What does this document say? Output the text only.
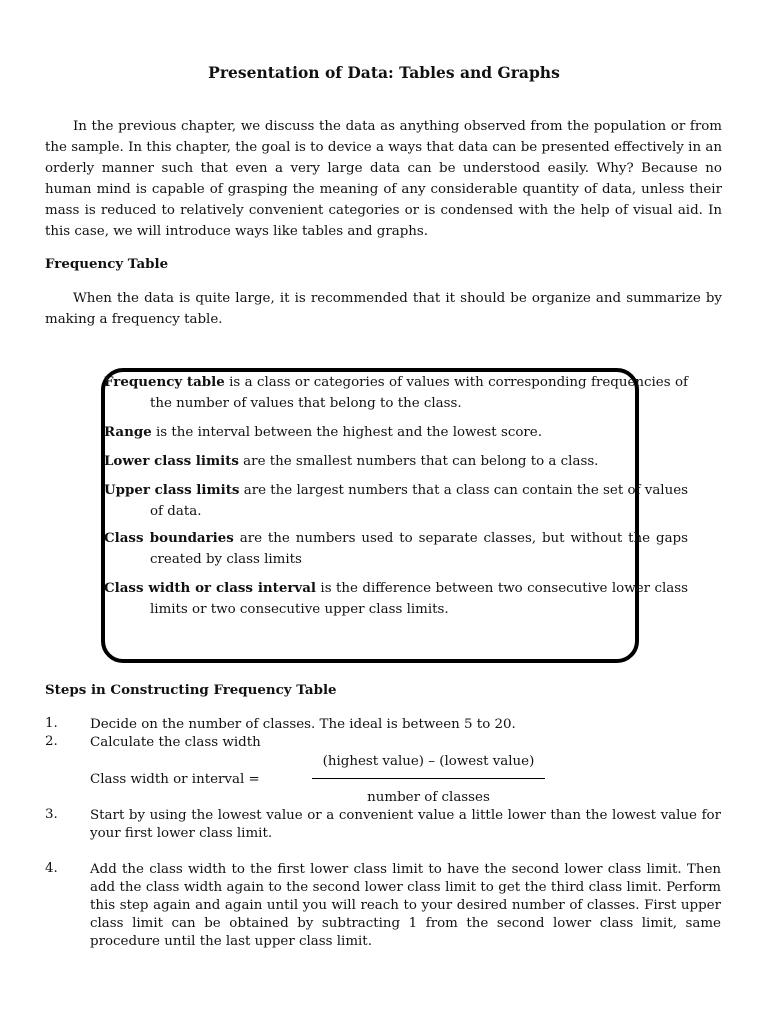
Presentation of Data: Tables and Graphs

In the previous chapter, we discuss the data as anything observed from the population or from the sample. In this chapter, the goal is to device a ways that data can be presented effectively in an orderly manner such that even a very large data can be understood easily. Why? Because no human mind is capable of grasping the meaning of any considerable quantity of data, unless their mass is reduced to relatively convenient categories or is condensed with the help of visual aid. In this case, we will introduce ways like tables and graphs.

Frequency Table

When the data is quite large, it is recommended that it should be organize and summarize by making a frequency table.

Frequency table is a class or categories of values with corresponding frequencies of the number of values that belong to the class.

Range is the interval between the highest and the lowest score.

Lower class limits are the smallest numbers that can belong to a class.

Upper class limits are the largest numbers that a class can contain the set of values of data.

Class boundaries are the numbers used to separate classes, but without the gaps created by class limits

Class width or class interval is the difference between two consecutive lower class limits or two consecutive upper class limits.

Steps in Constructing Frequency Table

1. Decide on the number of classes. The ideal is between 5 to 20.

2. Calculate the class width

(highest value) – (lowest value)

Class width or interval =

number of classes

3. Start by using the lowest value or a convenient value a little lower than the lowest value for your first lower class limit.

4. Add the class width to the first lower class limit to have the second lower class limit. Then add the class width again to the second lower class limit to get the third class limit. Perform this step again and again until you will reach to your desired number of classes. First upper class limit can be obtained by subtracting 1 from the second lower class limit, same procedure until the last upper class limit.
